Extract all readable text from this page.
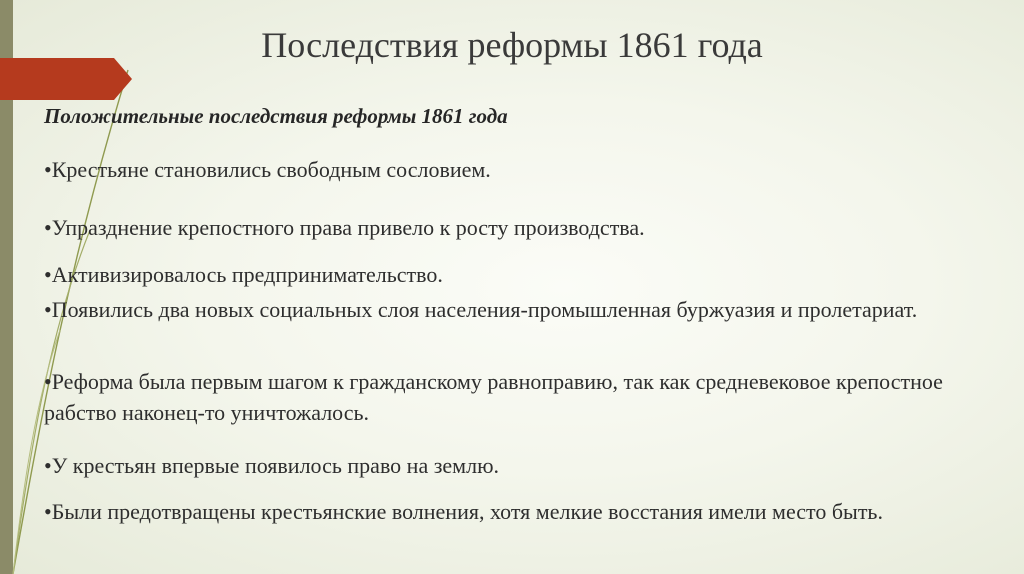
Последствия реформы 1861 года

Положительные последствия реформы 1861 года

•Крестьяне становились свободным сословием.
•Упразднение крепостного права привело к росту производства.
•Активизировалось предпринимательство.
•Появились два новых социальных слоя населения-промышленная буржуазия и пролетариат.
•Реформа была первым шагом к гражданскому равноправию, так как средневековое крепостное рабство наконец-то уничтожалось.
•У крестьян впервые появилось право на землю.
•Были предотвращены крестьянские волнения, хотя мелкие восстания имели место быть.
